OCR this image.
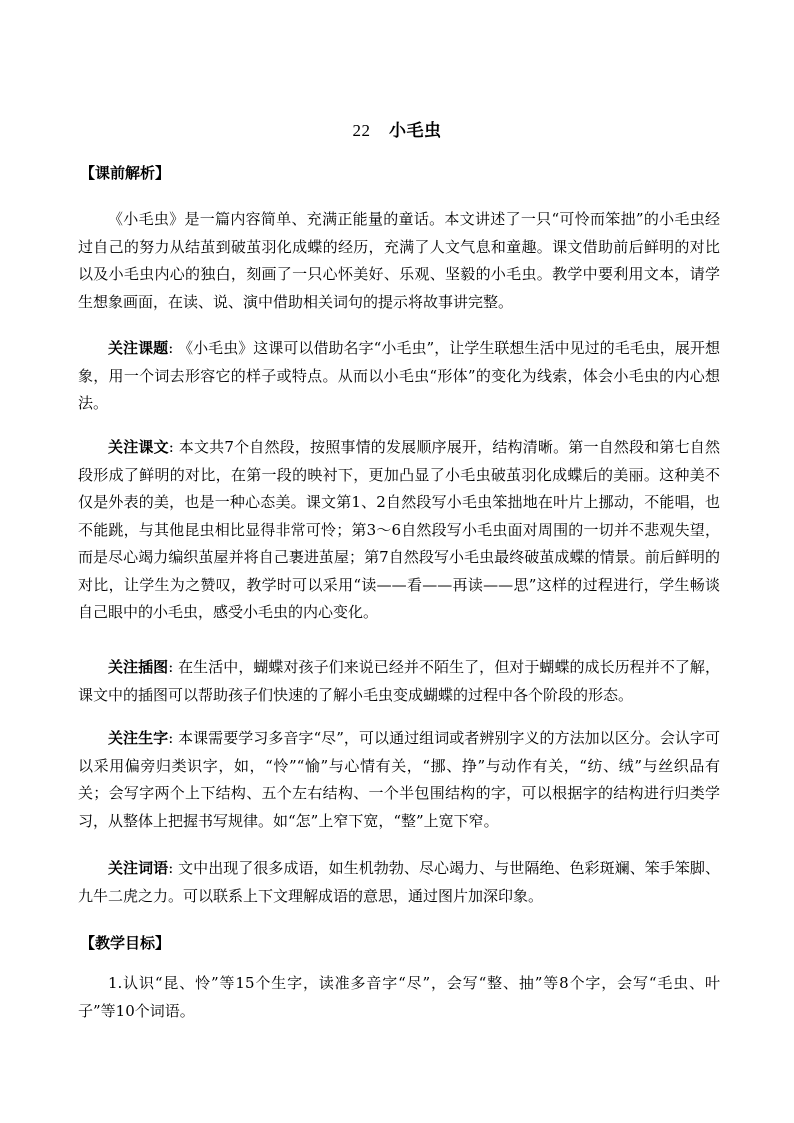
22 小毛虫
【课前解析】
《小毛虫》是一篇内容简单、充满正能量的童话。本文讲述了一只“可怜而笨拙”的小毛虫经过自己的努力从结茧到破茧羽化成蝶的经历，充满了人文气息和童趣。课文借助前后鲜明的对比以及小毛虫内心的独白，刻画了一只心怀美好、乐观、坚毅的小毛虫。教学中要利用文本，请学生想象画面，在读、说、演中借助相关词句的提示将故事讲完整。
关注课题: 《小毛虫》这课可以借助名字“小毛虫”，让学生联想生活中见过的毛毛虫，展开想象，用一个词去形容它的样子或特点。从而以小毛虫“形体”的变化为线索，体会小毛虫的内心想法。
关注课文: 本文共7个自然段，按照事情的发展顺序展开，结构清晰。第一自然段和第七自然段形成了鲜明的对比，在第一段的映衬下，更加凸显了小毛虫破茧羽化成蝶后的美丽。这种美不仅是外表的美，也是一种心态美。课文第1、2自然段写小毛虫笨拙地在叶片上挪动，不能唱，也不能跳，与其他昆虫相比显得非常可怜；第3～6自然段写小毛虫面对周围的一切并不悲观失望，而是尽心竭力编织茧屋并将自己裹进茧屋；第7自然段写小毛虫最终破茧成蝶的情景。前后鲜明的对比，让学生为之赞叹，教学时可以采用“读——看——再读——思”这样的过程进行，学生畅谈自己眼中的小毛虫，感受小毛虫的内心变化。
关注插图: 在生活中，蝴蝶对孩子们来说已经并不陌生了，但对于蝴蝶的成长历程并不了解，课文中的插图可以帮助孩子们快速的了解小毛虫变成蝴蝶的过程中各个阶段的形态。
关注生字: 本课需要学习多音字“尽”，可以通过组词或者辨别字义的方法加以区分。会认字可以采用偏旁归类识字，如，“怜”“愉”与心情有关，“挪、挣”与动作有关，“纺、绒”与丝织品有关；会写字两个上下结构、五个左右结构、一个半包围结构的字，可以根据字的结构进行归类学习，从整体上把握书写规律。如“怎”上窄下宽，“整”上宽下窄。
关注词语: 文中出现了很多成语，如生机勃勃、尽心竭力、与世隔绝、色彩斑斓、笨手笨脚、九牛二虎之力。可以联系上下文理解成语的意思，通过图片加深印象。
【教学目标】
1.认识“昆、怜”等15个生字，读准多音字“尽”，会写“整、抽”等8个字，会写“毛虫、叶子”等10个词语。
